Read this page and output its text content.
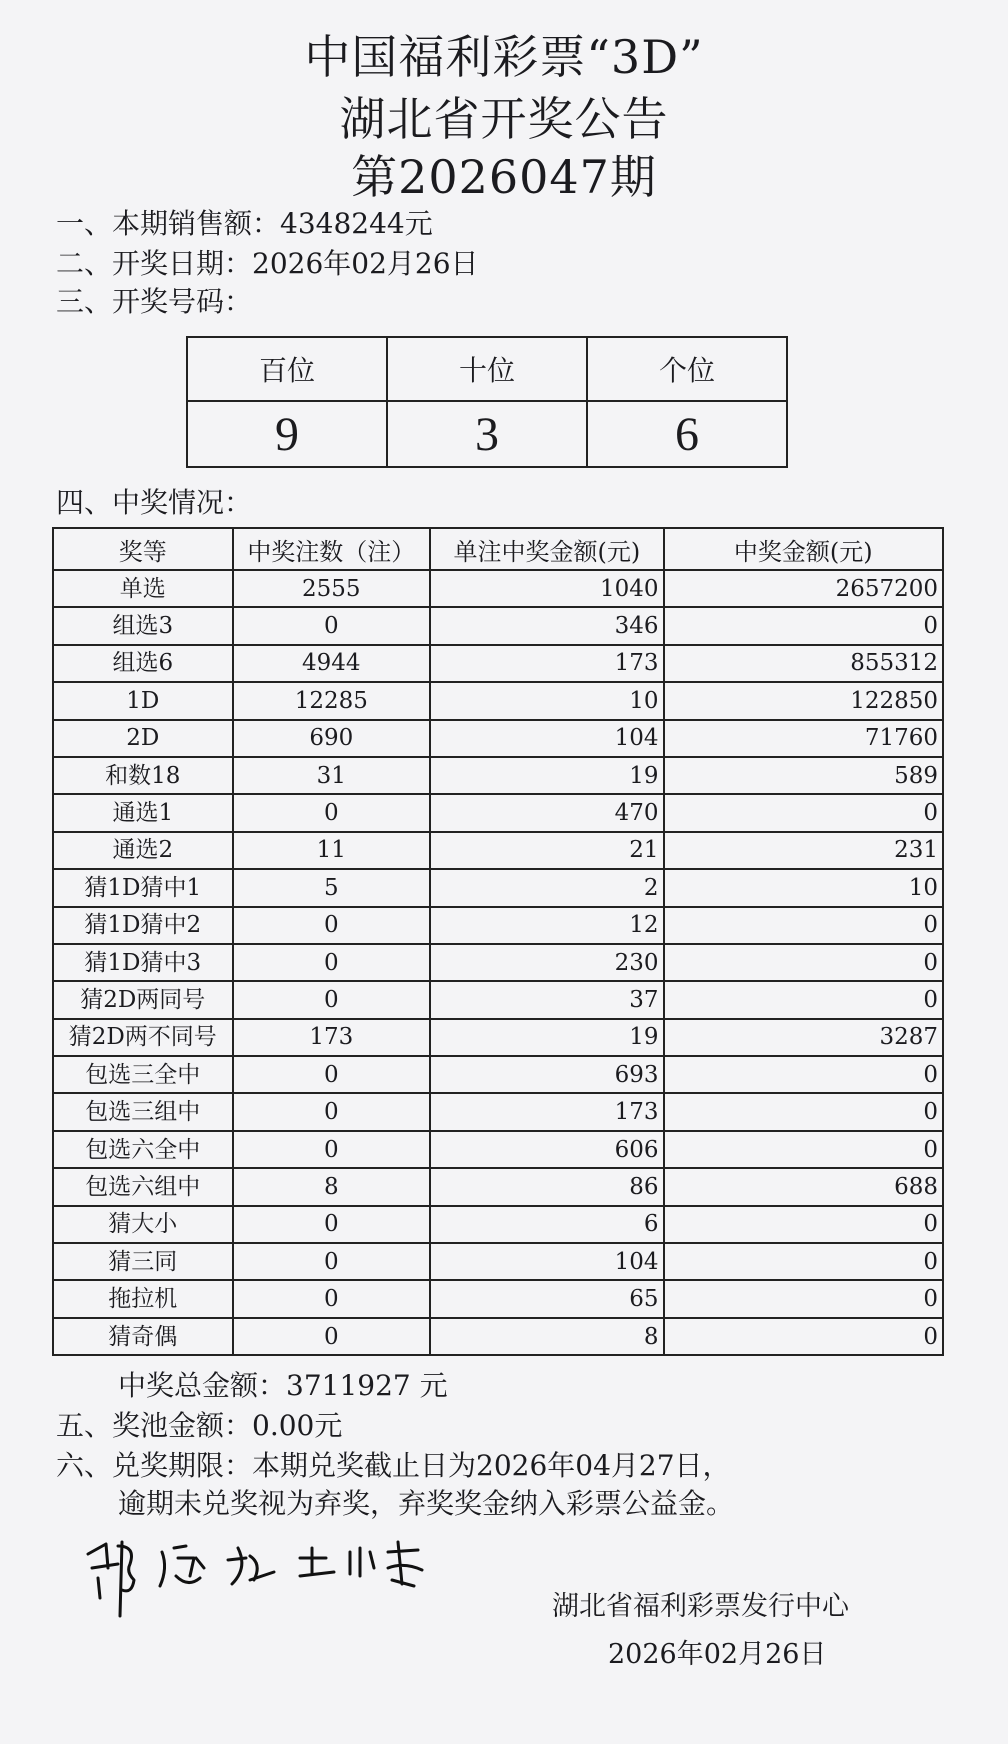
中国福利彩票“3D”
湖北省开奖公告
第2026047期
一、本期销售额：4348244元
二、开奖日期：2026年02月26日
三、开奖号码：
百位	十位	个位
9	3	6
四、中奖情况：
奖等	中奖注数（注）	单注中奖金额(元)	中奖金额(元)
单选	2555	1040	2657200
组选3	0	346	0
组选6	4944	173	855312
1D	12285	10	122850
2D	690	104	71760
和数18	31	19	589
通选1	0	470	0
通选2	11	21	231
猜1D猜中1	5	2	10
猜1D猜中2	0	12	0
猜1D猜中3	0	230	0
猜2D两同号	0	37	0
猜2D两不同号	173	19	3287
包选三全中	0	693	0
包选三组中	0	173	0
包选六全中	0	606	0
包选六组中	8	86	688
猜大小	0	6	0
猜三同	0	104	0
拖拉机	0	65	0
猜奇偶	0	8	0
中奖总金额：3711927 元
五、奖池金额：0.00元
六、兑奖期限：本期兑奖截止日为2026年04月27日，
逾期未兑奖视为弃奖，弃奖奖金纳入彩票公益金。
湖北省福利彩票发行中心
2026年02月26日
